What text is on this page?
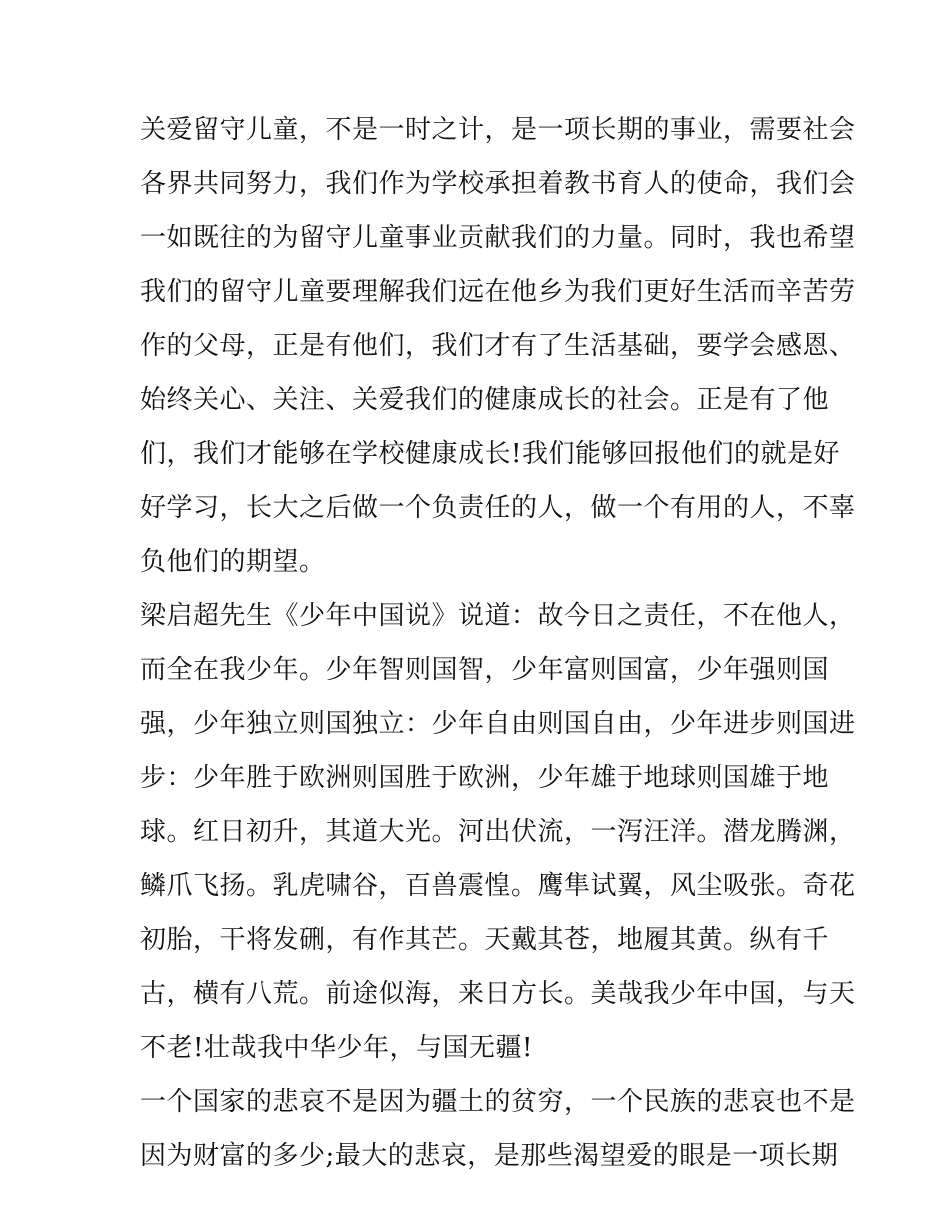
关爱留守儿童，不是一时之计，是一项长期的事业，需要社会
各界共同努力，我们作为学校承担着教书育人的使命，我们会
一如既往的为留守儿童事业贡献我们的力量。同时，我也希望
我们的留守儿童要理解我们远在他乡为我们更好生活而辛苦劳
作的父母，正是有他们，我们才有了生活基础，要学会感恩、
始终关心、关注、关爱我们的健康成长的社会。正是有了他
们，我们才能够在学校健康成长!我们能够回报他们的就是好
好学习，长大之后做一个负责任的人，做一个有用的人，不辜
负他们的期望。
梁启超先生《少年中国说》说道：故今日之责任，不在他人，
而全在我少年。少年智则国智，少年富则国富，少年强则国
强，少年独立则国独立：少年自由则国自由，少年进步则国进
步：少年胜于欧洲则国胜于欧洲，少年雄于地球则国雄于地
球。红日初升，其道大光。河出伏流，一泻汪洋。潜龙腾渊，
鳞爪飞扬。乳虎啸谷，百兽震惶。鹰隼试翼，风尘吸张。奇花
初胎，干将发硎，有作其芒。天戴其苍，地履其黄。纵有千
古，横有八荒。前途似海，来日方长。美哉我少年中国，与天
不老!壮哉我中华少年，与国无疆!
一个国家的悲哀不是因为疆土的贫穷，一个民族的悲哀也不是
因为财富的多少;最大的悲哀，是那些渴望爱的眼是一项长期
